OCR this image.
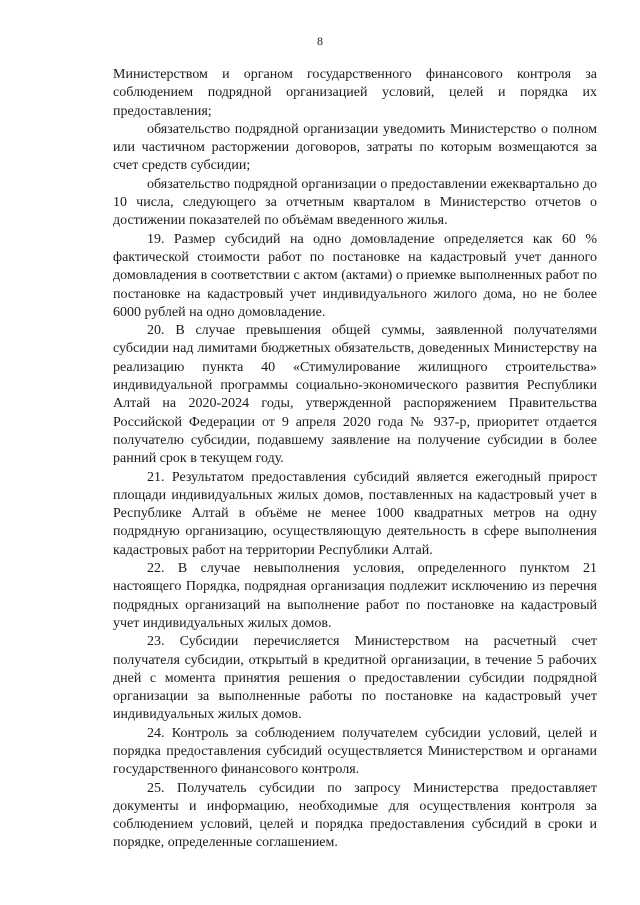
8

Министерством и органом государственного финансового контроля за соблюдением подрядной организацией условий, целей и порядка их предоставления;

обязательство подрядной организации уведомить Министерство о полном или частичном расторжении договоров, затраты по которым возмещаются за счет средств субсидии;

обязательство подрядной организации о предоставлении ежеквартально до 10 числа, следующего за отчетным кварталом в Министерство отчетов о достижении показателей по объёмам введенного жилья.

19. Размер субсидий на одно домовладение определяется как 60 % фактической стоимости работ по постановке на кадастровый учет данного домовладения в соответствии с актом (актами) о приемке выполненных работ по постановке на кадастровый учет индивидуального жилого дома, но не более 6000 рублей на одно домовладение.

20. В случае превышения общей суммы, заявленной получателями субсидии над лимитами бюджетных обязательств, доведенных Министерству на реализацию пункта 40 «Стимулирование жилищного строительства» индивидуальной программы социально-экономического развития Республики Алтай на 2020-2024 годы, утвержденной распоряжением Правительства Российской Федерации от 9 апреля 2020 года № 937-р, приоритет отдается получателю субсидии, подавшему заявление на получение субсидии в более ранний срок в текущем году.

21. Результатом предоставления субсидий является ежегодный прирост площади индивидуальных жилых домов, поставленных на кадастровый учет в Республике Алтай в объёме не менее 1000 квадратных метров на одну подрядную организацию, осуществляющую деятельность в сфере выполнения кадастровых работ на территории Республики Алтай.

22. В случае невыполнения условия, определенного пунктом 21 настоящего Порядка, подрядная организация подлежит исключению из перечня подрядных организаций на выполнение работ по постановке на кадастровый учет индивидуальных жилых домов.

23. Субсидии перечисляется Министерством на расчетный счет получателя субсидии, открытый в кредитной организации, в течение 5 рабочих дней с момента принятия решения о предоставлении субсидии подрядной организации за выполненные работы по постановке на кадастровый учет индивидуальных жилых домов.

24. Контроль за соблюдением получателем субсидии условий, целей и порядка предоставления субсидий осуществляется Министерством и органами государственного финансового контроля.

25. Получатель субсидии по запросу Министерства предоставляет документы и информацию, необходимые для осуществления контроля за соблюдением условий, целей и порядка предоставления субсидий в сроки и порядке, определенные соглашением.
